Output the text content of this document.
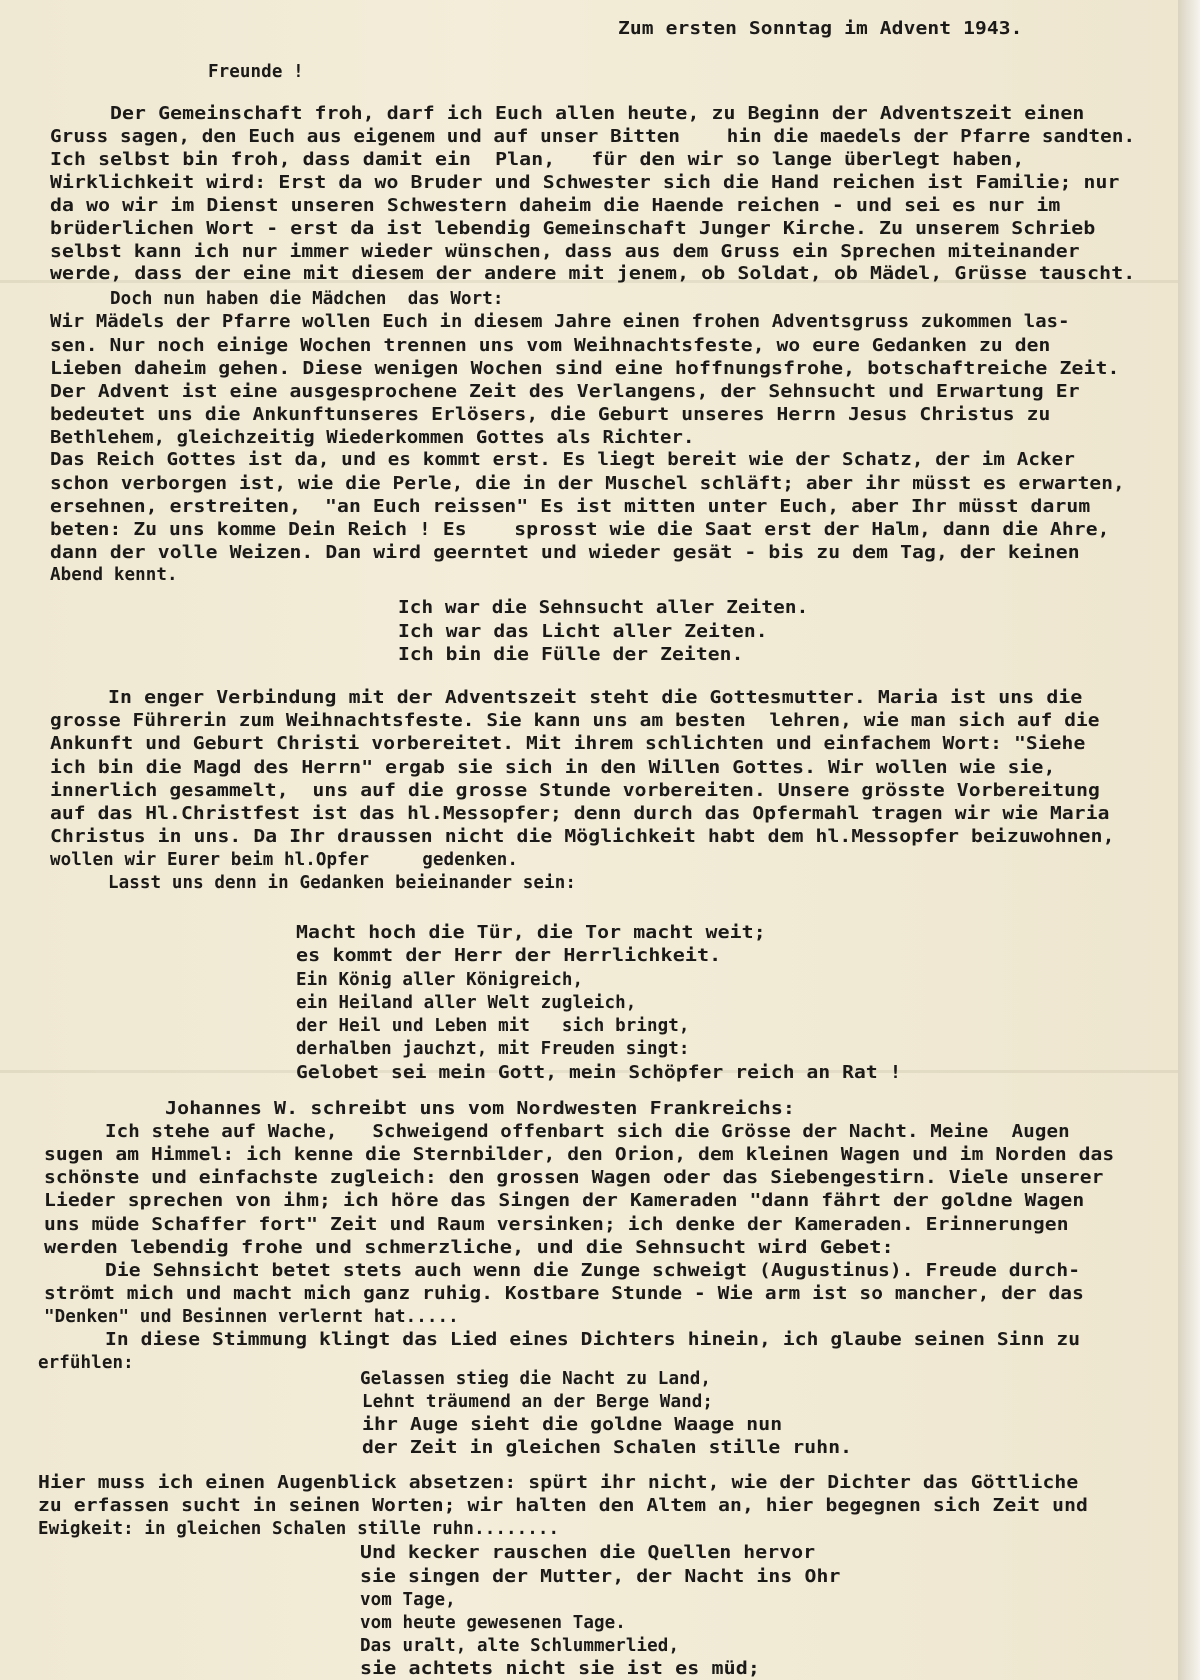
Zum ersten Sonntag im Advent 1943.
Freunde !
Der Gemeinschaft froh, darf ich Euch allen heute, zu Beginn der Adventszeit einen
Gruss sagen, den Euch aus eigenem und auf unser Bitten    hin die maedels der Pfarre sandten.
Ich selbst bin froh, dass damit ein  Plan,   für den wir so lange überlegt haben,
Wirklichkeit wird: Erst da wo Bruder und Schwester sich die Hand reichen ist Familie; nur
da wo wir im Dienst unseren Schwestern daheim die Haende reichen - und sei es nur im
brüderlichen Wort - erst da ist lebendig Gemeinschaft Junger Kirche. Zu unserem Schrieb
selbst kann ich nur immer wieder wünschen, dass aus dem Gruss ein Sprechen miteinander
werde, dass der eine mit diesem der andere mit jenem, ob Soldat, ob Mädel, Grüsse tauscht.
Doch nun haben die Mädchen  das Wort:
Wir Mädels der Pfarre wollen Euch in diesem Jahre einen frohen Adventsgruss zukommen las-
sen. Nur noch einige Wochen trennen uns vom Weihnachtsfeste, wo eure Gedanken zu den
Lieben daheim gehen. Diese wenigen Wochen sind eine hoffnungsfrohe, botschaftreiche Zeit.
Der Advent ist eine ausgesprochene Zeit des Verlangens, der Sehnsucht und Erwartung Er
bedeutet uns die Ankunftunseres Erlösers, die Geburt unseres Herrn Jesus Christus zu
Bethlehem, gleichzeitig Wiederkommen Gottes als Richter.
Das Reich Gottes ist da, und es kommt erst. Es liegt bereit wie der Schatz, der im Acker
schon verborgen ist, wie die Perle, die in der Muschel schläft; aber ihr müsst es erwarten,
ersehnen, erstreiten,  "an Euch reissen" Es ist mitten unter Euch, aber Ihr müsst darum
beten: Zu uns komme Dein Reich ! Es    sprosst wie die Saat erst der Halm, dann die Ahre,
dann der volle Weizen. Dan wird geerntet und wieder gesät - bis zu dem Tag, der keinen
Abend kennt.
Ich war die Sehnsucht aller Zeiten.
Ich war das Licht aller Zeiten.
Ich bin die Fülle der Zeiten.
In enger Verbindung mit der Adventszeit steht die Gottesmutter. Maria ist uns die
grosse Führerin zum Weihnachtsfeste. Sie kann uns am besten  lehren, wie man sich auf die
Ankunft und Geburt Christi vorbereitet. Mit ihrem schlichten und einfachem Wort: "Siehe
ich bin die Magd des Herrn" ergab sie sich in den Willen Gottes. Wir wollen wie sie,
innerlich gesammelt,  uns auf die grosse Stunde vorbereiten. Unsere grösste Vorbereitung
auf das Hl.Christfest ist das hl.Messopfer; denn durch das Opfermahl tragen wir wie Maria
Christus in uns. Da Ihr draussen nicht die Möglichkeit habt dem hl.Messopfer beizuwohnen,
wollen wir Eurer beim hl.Opfer     gedenken.
Lasst uns denn in Gedanken beieinander sein:
Macht hoch die Tür, die Tor macht weit;
es kommt der Herr der Herrlichkeit.
Ein König aller Königreich,
ein Heiland aller Welt zugleich,
der Heil und Leben mit   sich bringt,
derhalben jauchzt, mit Freuden singt:
Gelobet sei mein Gott, mein Schöpfer reich an Rat !
Johannes W. schreibt uns vom Nordwesten Frankreichs:
Ich stehe auf Wache,   Schweigend offenbart sich die Grösse der Nacht. Meine  Augen
sugen am Himmel: ich kenne die Sternbilder, den Orion, dem kleinen Wagen und im Norden das
schönste und einfachste zugleich: den grossen Wagen oder das Siebengestirn. Viele unserer
Lieder sprechen von ihm; ich höre das Singen der Kameraden "dann fährt der goldne Wagen
uns müde Schaffer fort" Zeit und Raum versinken; ich denke der Kameraden. Erinnerungen
werden lebendig frohe und schmerzliche, und die Sehnsucht wird Gebet:
Die Sehnsicht betet stets auch wenn die Zunge schweigt (Augustinus). Freude durch-
strömt mich und macht mich ganz ruhig. Kostbare Stunde - Wie arm ist so mancher, der das
"Denken" und Besinnen verlernt hat.....
In diese Stimmung klingt das Lied eines Dichters hinein, ich glaube seinen Sinn zu
erfühlen:
Gelassen stieg die Nacht zu Land,
Lehnt träumend an der Berge Wand;
ihr Auge sieht die goldne Waage nun
der Zeit in gleichen Schalen stille ruhn.
Hier muss ich einen Augenblick absetzen: spürt ihr nicht, wie der Dichter das Göttliche
zu erfassen sucht in seinen Worten; wir halten den Altem an, hier begegnen sich Zeit und
Ewigkeit: in gleichen Schalen stille ruhn........
Und kecker rauschen die Quellen hervor
sie singen der Mutter, der Nacht ins Ohr
vom Tage,
vom heute gewesenen Tage.
Das uralt, alte Schlummerlied,
sie achtets nicht sie ist es müd;
